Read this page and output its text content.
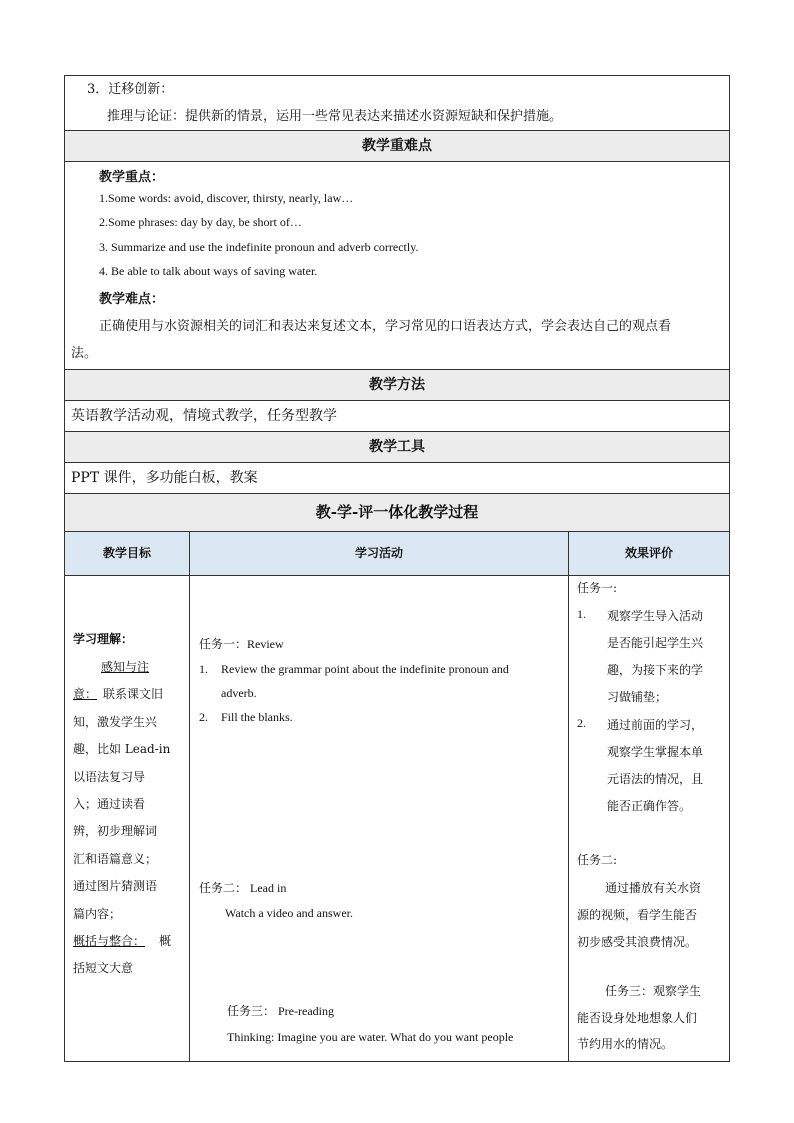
3．迁移创新：
推理与论证：提供新的情景，运用一些常见表达来描述水资源短缺和保护措施。
教学重难点
教学重点：
1.Some words: avoid, discover, thirsty, nearly, law…
2.Some phrases: day by day, be short of…
3. Summarize and use the indefinite pronoun and adverb correctly.
4. Be able to talk about ways of saving water.
教学难点：
正确使用与水资源相关的词汇和表达来复述文本，学习常见的口语表达方式，学会表达自己的观点看
法。
教学方法
英语教学活动观，情境式教学，任务型教学
教学工具
PPT 课件，多功能白板，教案
教-学-评一体化教学过程
教学目标	学习活动	效果评价
学习理解：
感知与注
意： 联系课文旧
知，激发学生兴
趣，比如 Lead-in
以语法复习导
入；通过读看
辨，初步理解词
汇和语篇意义；
通过图片猜测语
篇内容；
概括与整合： 概
括短文大意
任务一：Review
1. Review the grammar point about the indefinite pronoun and
adverb.
2. Fill the blanks.
任务二： Lead in
Watch a video and answer.
任务三： Pre-reading
Thinking: Imagine you are water. What do you want people
任务一:
1. 观察学生导入活动
是否能引起学生兴
趣，为接下来的学
习做铺垫；
2. 通过前面的学习，
观察学生掌握本单
元语法的情况，且
能否正确作答。
任务二:
通过播放有关水资
源的视频，看学生能否
初步感受其浪费情况。
任务三：观察学生
能否设身处地想象人们
节约用水的情况。
